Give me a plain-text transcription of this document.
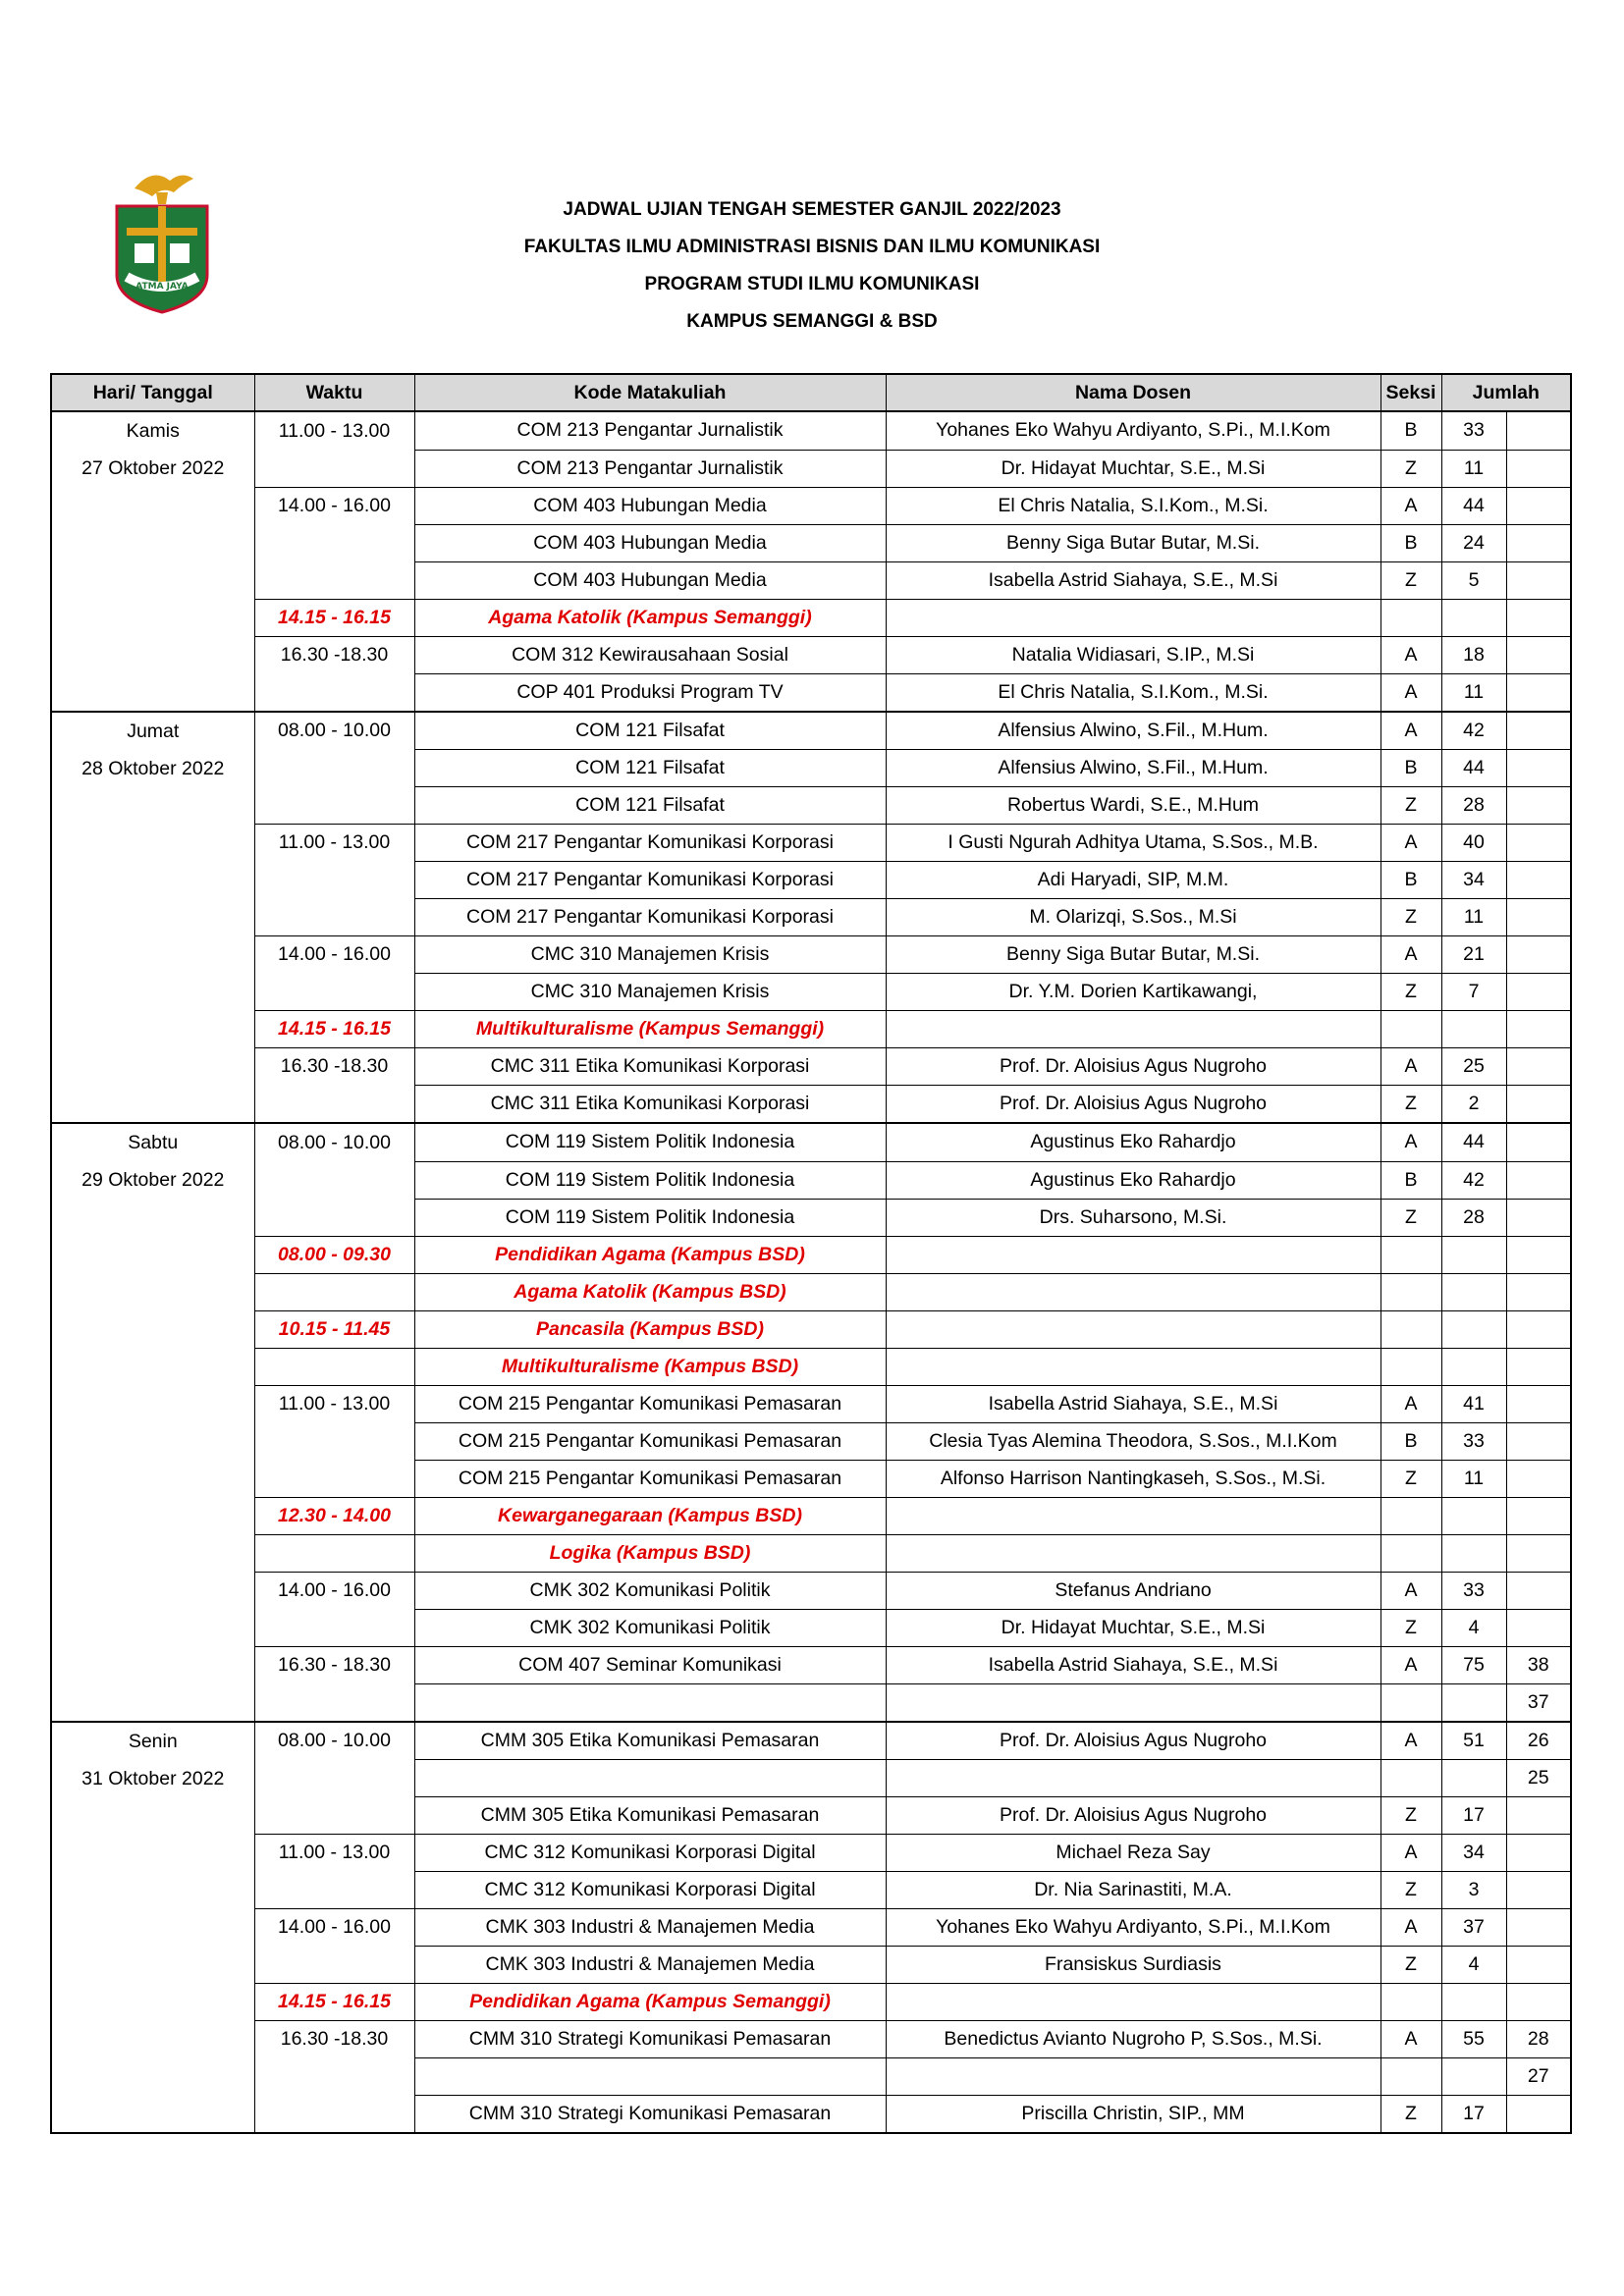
ATMA JAYA
JADWAL UJIAN TENGAH SEMESTER GANJIL 2022/2023
FAKULTAS ILMU ADMINISTRASI BISNIS DAN ILMU KOMUNIKASI
PROGRAM STUDI ILMU KOMUNIKASI
KAMPUS SEMANGGI & BSD
Hari/ Tanggal	Waktu	Kode Matakuliah	Nama Dosen	Seksi	Jumlah	
Kamis	11.00 - 13.00	COM 213 Pengantar Jurnalistik	Yohanes Eko Wahyu Ardiyanto, S.Pi., M.I.Kom	B	33	
27 Oktober 2022		COM 213 Pengantar Jurnalistik	Dr. Hidayat Muchtar, S.E., M.Si	Z	11	
	14.00 - 16.00	COM 403 Hubungan Media	El Chris Natalia, S.I.Kom., M.Si.	A	44	
		COM 403 Hubungan Media	Benny Siga Butar Butar, M.Si.	B	24	
		COM 403 Hubungan Media	Isabella Astrid Siahaya, S.E., M.Si	Z	5	
	14.15 - 16.15	Agama Katolik (Kampus Semanggi)				
	16.30 -18.30	COM 312 Kewirausahaan Sosial	Natalia Widiasari, S.IP., M.Si	A	18	
		COP 401 Produksi Program TV	El Chris Natalia, S.I.Kom., M.Si.	A	11	
Jumat	08.00 - 10.00	COM 121 Filsafat	Alfensius Alwino, S.Fil., M.Hum.	A	42	
28 Oktober 2022		COM 121 Filsafat	Alfensius Alwino, S.Fil., M.Hum.	B	44	
		COM 121 Filsafat	Robertus Wardi, S.E., M.Hum	Z	28	
	11.00 - 13.00	COM 217 Pengantar Komunikasi Korporasi	I Gusti Ngurah Adhitya Utama, S.Sos., M.B.	A	40	
		COM 217 Pengantar Komunikasi Korporasi	Adi Haryadi, SIP, M.M.	B	34	
		COM 217 Pengantar Komunikasi Korporasi	M. Olarizqi, S.Sos., M.Si	Z	11	
	14.00 - 16.00	CMC 310 Manajemen Krisis	Benny Siga Butar Butar, M.Si.	A	21	
		CMC 310 Manajemen Krisis	Dr. Y.M. Dorien Kartikawangi,	Z	7	
	14.15 - 16.15	Multikulturalisme (Kampus Semanggi)				
	16.30 -18.30	CMC 311 Etika Komunikasi Korporasi	Prof. Dr. Aloisius Agus Nugroho	A	25	
		CMC 311 Etika Komunikasi Korporasi	Prof. Dr. Aloisius Agus Nugroho	Z	2	
Sabtu	08.00 - 10.00	COM 119 Sistem Politik Indonesia	Agustinus Eko Rahardjo	A	44	
29 Oktober 2022		COM 119 Sistem Politik Indonesia	Agustinus Eko Rahardjo	B	42	
		COM 119 Sistem Politik Indonesia	Drs. Suharsono, M.Si.	Z	28	
	08.00 - 09.30	Pendidikan Agama (Kampus BSD)				
		Agama Katolik (Kampus BSD)				
	10.15 - 11.45	Pancasila (Kampus BSD)				
		Multikulturalisme (Kampus BSD)				
	11.00 - 13.00	COM 215 Pengantar Komunikasi Pemasaran	Isabella Astrid Siahaya, S.E., M.Si	A	41	
		COM 215 Pengantar Komunikasi Pemasaran	Clesia Tyas Alemina Theodora, S.Sos., M.I.Kom	B	33	
		COM 215 Pengantar Komunikasi Pemasaran	Alfonso Harrison Nantingkaseh, S.Sos., M.Si.	Z	11	
	12.30 - 14.00	Kewarganegaraan (Kampus BSD)				
		Logika (Kampus BSD)				
	14.00 - 16.00	CMK 302 Komunikasi Politik	Stefanus Andriano	A	33	
		CMK 302 Komunikasi Politik	Dr. Hidayat Muchtar, S.E., M.Si	Z	4	
	16.30 - 18.30	COM 407 Seminar Komunikasi	Isabella Astrid Siahaya, S.E., M.Si	A	75	38
						37
Senin	08.00 - 10.00	CMM 305 Etika Komunikasi Pemasaran	Prof. Dr. Aloisius Agus Nugroho	A	51	26
31 Oktober 2022						25
		CMM 305 Etika Komunikasi Pemasaran	Prof. Dr. Aloisius Agus Nugroho	Z	17	
	11.00 - 13.00	CMC 312 Komunikasi Korporasi Digital	Michael Reza Say	A	34	
		CMC 312 Komunikasi Korporasi Digital	Dr. Nia Sarinastiti, M.A.	Z	3	
	14.00 - 16.00	CMK 303 Industri & Manajemen Media	Yohanes Eko Wahyu Ardiyanto, S.Pi., M.I.Kom	A	37	
		CMK 303 Industri & Manajemen Media	Fransiskus Surdiasis	Z	4	
	14.15 - 16.15	Pendidikan Agama (Kampus Semanggi)				
	16.30 -18.30	CMM 310 Strategi Komunikasi Pemasaran	Benedictus Avianto Nugroho P, S.Sos., M.Si.	A	55	28
						27
		CMM 310 Strategi Komunikasi Pemasaran	Priscilla Christin, SIP., MM	Z	17	
